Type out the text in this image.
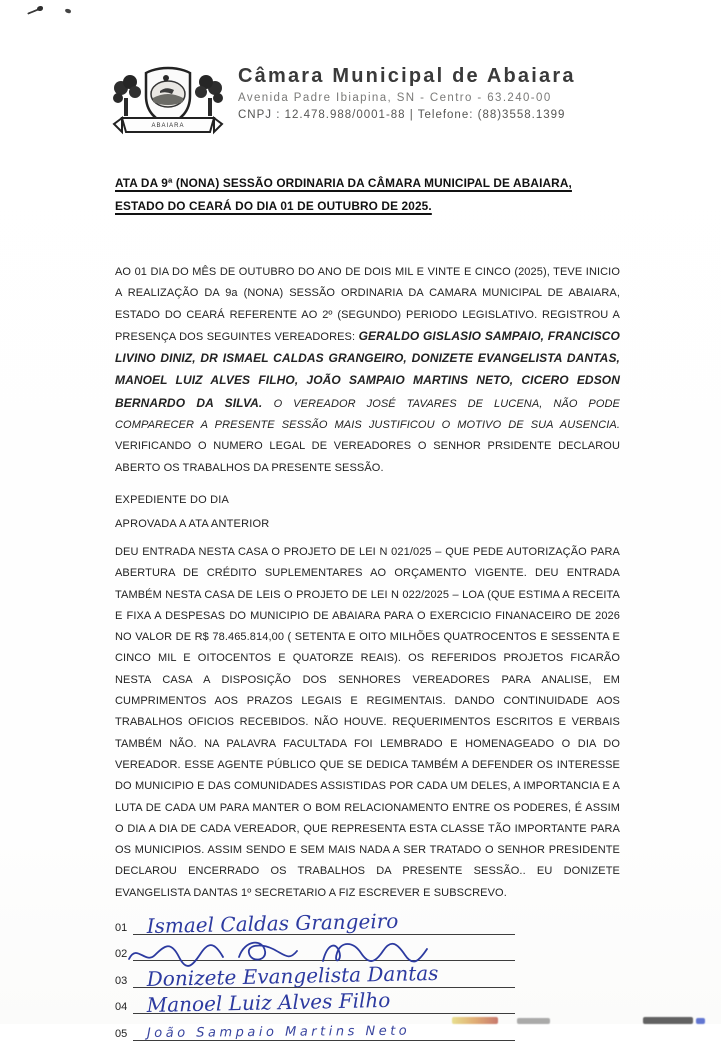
ABAIARA
Câmara Municipal de Abaiara
Avenida Padre Ibiapina, SN - Centro - 63.240-00
CNPJ : 12.478.988/0001-88 | Telefone: (88)3558.1399
ATA DA 9ª (NONA) SESSÃO ORDINARIA DA CÂMARA MUNICIPAL DE ABAIARA, ESTADO DO CEARÁ DO DIA 01 DE OUTUBRO DE 2025.
AO 01 DIA DO MÊS DE OUTUBRO DO ANO DE DOIS MIL E VINTE E CINCO (2025), TEVE INICIO A REALIZAÇÃO DA 9a (NONA) SESSÃO ORDINARIA DA CAMARA MUNICIPAL DE ABAIARA, ESTADO DO CEARÁ REFERENTE AO 2º (SEGUNDO) PERIODO LEGISLATIVO. REGISTROU A PRESENÇA DOS SEGUINTES VEREADORES: GERALDO GISLASIO SAMPAIO, FRANCISCO LIVINO DINIZ, DR ISMAEL CALDAS GRANGEIRO, DONIZETE EVANGELISTA DANTAS, MANOEL LUIZ ALVES FILHO, JOÃO SAMPAIO MARTINS NETO, CICERO EDSON BERNARDO DA SILVA. O VEREADOR JOSÉ TAVARES DE LUCENA, NÃO PODE COMPARECER A PRESENTE SESSÃO MAIS JUSTIFICOU O MOTIVO DE SUA AUSENCIA. VERIFICANDO O NUMERO LEGAL DE VEREADORES O SENHOR PRSIDENTE DECLAROU ABERTO OS TRABALHOS DA PRESENTE SESSÃO.
EXPEDIENTE DO DIA
APROVADA A ATA ANTERIOR
DEU ENTRADA NESTA CASA O PROJETO DE LEI N 021/025 – QUE PEDE AUTORIZAÇÃO PARA ABERTURA DE CRÉDITO SUPLEMENTARES AO ORÇAMENTO VIGENTE. DEU ENTRADA TAMBÉM NESTA CASA DE LEIS O PROJETO DE LEI N 022/2025 – LOA (QUE ESTIMA A RECEITA E FIXA A DESPESAS DO MUNICIPIO DE ABAIARA PARA O EXERCICIO FINANACEIRO DE 2026 NO VALOR DE R$ 78.465.814,00 ( SETENTA E OITO MILHÕES QUATROCENTOS E SESSENTA E CINCO MIL E OITOCENTOS E QUATORZE REAIS). OS REFERIDOS PROJETOS FICARÃO NESTA CASA A DISPOSIÇÃO DOS SENHORES VEREADORES PARA ANALISE, EM CUMPRIMENTOS AOS PRAZOS LEGAIS E REGIMENTAIS. DANDO CONTINUIDADE AOS TRABALHOS OFICIOS RECEBIDOS. NÃO HOUVE. REQUERIMENTOS ESCRITOS E VERBAIS TAMBÉM NÃO. NA PALAVRA FACULTADA FOI LEMBRADO E HOMENAGEADO O DIA DO VEREADOR. ESSE AGENTE PÚBLICO QUE SE DEDICA TAMBÉM A DEFENDER OS INTERESSE DO MUNICIPIO E DAS COMUNIDADES ASSISTIDAS POR CADA UM DELES, A IMPORTANCIA E A LUTA DE CADA UM PARA MANTER O BOM RELACIONAMENTO ENTRE OS PODERES, É ASSIM O DIA A DIA DE CADA VEREADOR, QUE REPRESENTA ESTA CLASSE TÃO IMPORTANTE PARA OS MUNICIPIOS. ASSIM SENDO E SEM MAIS NADA A SER TRATADO O SENHOR PRESIDENTE DECLAROU ENCERRADO OS TRABALHOS DA PRESENTE SESSÃO.. EU DONIZETE EVANGELISTA DANTAS 1º SECRETARIO A FIZ ESCREVER E SUBSCREVO.
01 Ismael Caldas Grangeiro
02
03 Donizete Evangelista Dantas
04 Manoel Luiz Alves Filho
05	João Sampaio Martins Neto
